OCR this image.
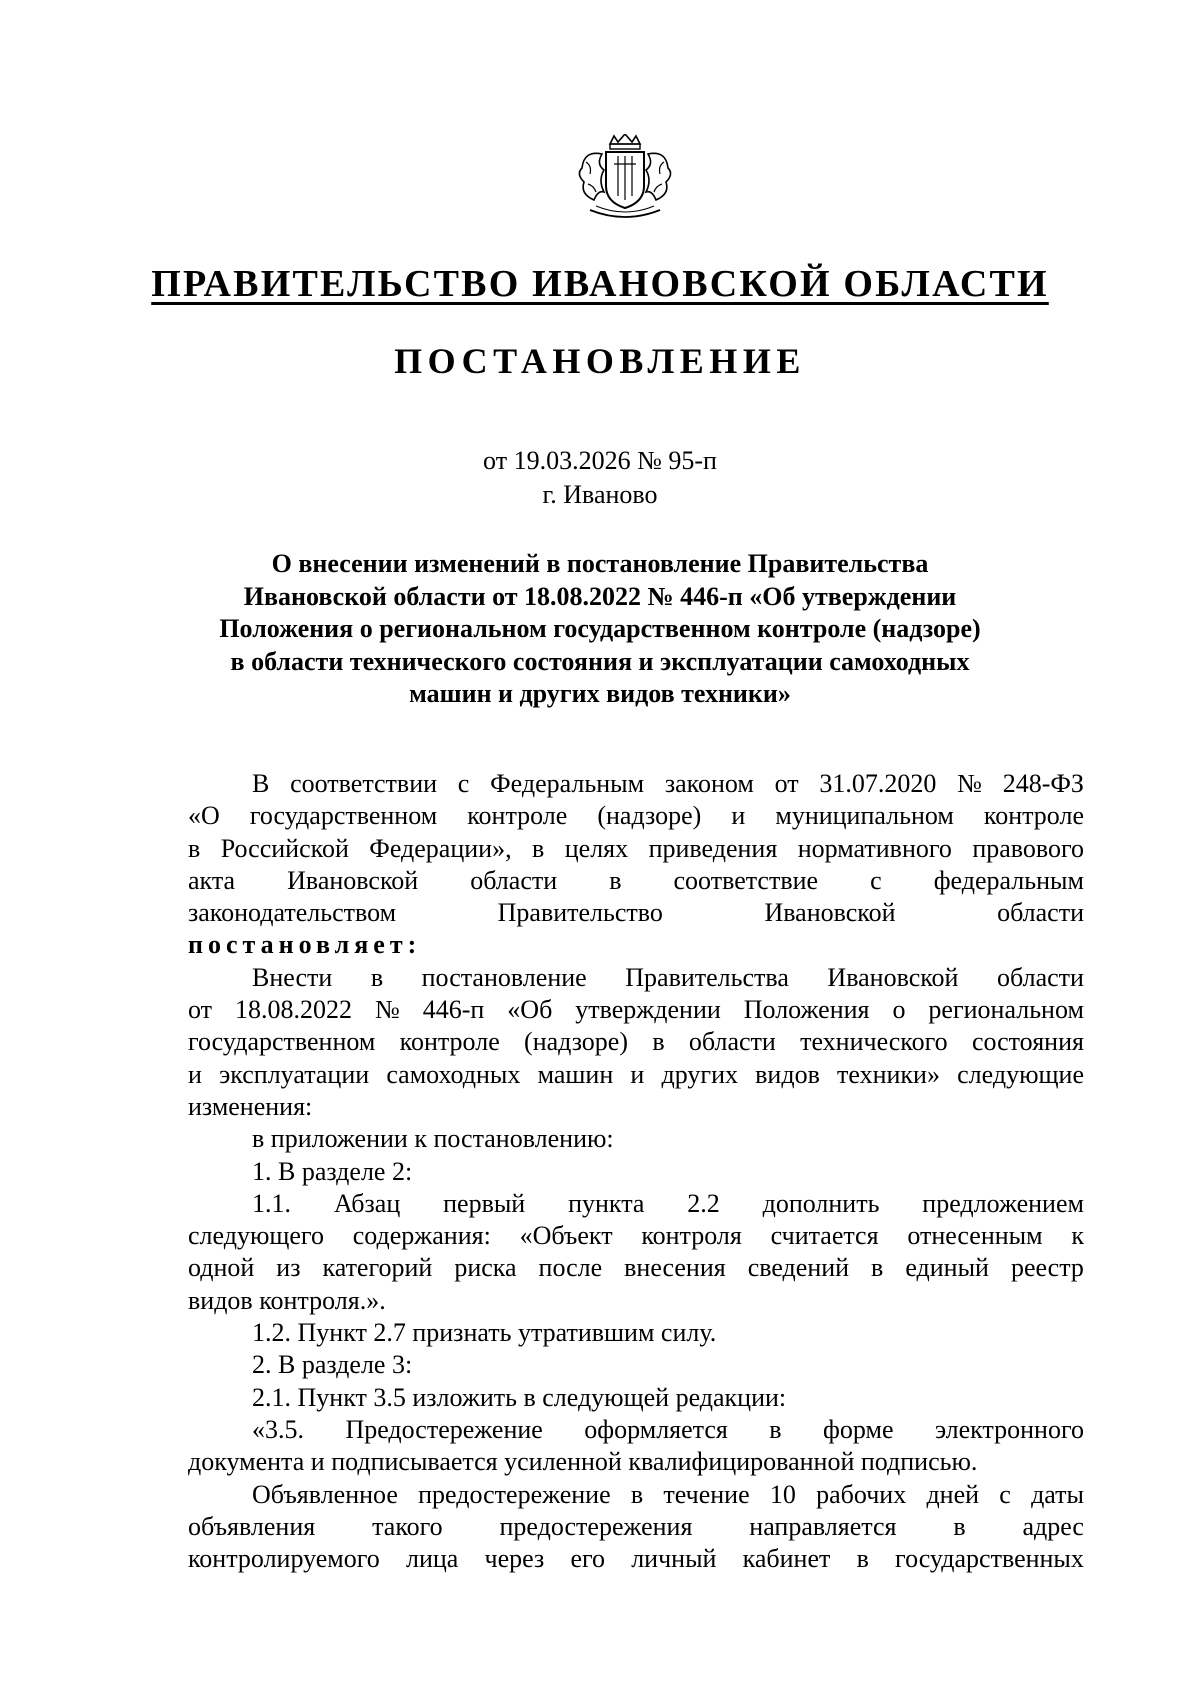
ПРАВИТЕЛЬСТВО ИВАНОВСКОЙ ОБЛАСТИ
ПОСТАНОВЛЕНИЕ
от 19.03.2026 № 95-п
г. Иваново
О внесении изменений в постановление Правительства
Ивановской области от 18.08.2022 № 446-п «Об утверждении
Положения о региональном государственном контроле (надзоре)
в области технического состояния и эксплуатации самоходных
машин и других видов техники»
В соответствии с Федеральным законом от 31.07.2020 № 248-ФЗ
«О государственном контроле (надзоре) и муниципальном контроле
в Российской Федерации», в целях приведения нормативного правового
акта Ивановской области в соответствие с федеральным
законодательством	Правительство	Ивановской	области
постановляет:
Внести в постановление Правительства Ивановской области
от 18.08.2022 № 446-п «Об утверждении Положения о региональном
государственном контроле (надзоре) в области технического состояния
и эксплуатации самоходных машин и других видов техники» следующие
изменения:
в приложении к постановлению:
1. В разделе 2:
1.1. Абзац первый пункта 2.2 дополнить предложением
следующего содержания: «Объект контроля считается отнесенным к
одной из категорий риска после внесения сведений в единый реестр
видов контроля.».
1.2. Пункт 2.7 признать утратившим силу.
2. В разделе 3:
2.1. Пункт 3.5 изложить в следующей редакции:
«3.5. Предостережение оформляется в форме электронного
документа и подписывается усиленной квалифицированной подписью.
Объявленное предостережение в течение 10 рабочих дней с даты
объявления такого предостережения направляется в адрес
контролируемого лица через его личный кабинет в государственных
